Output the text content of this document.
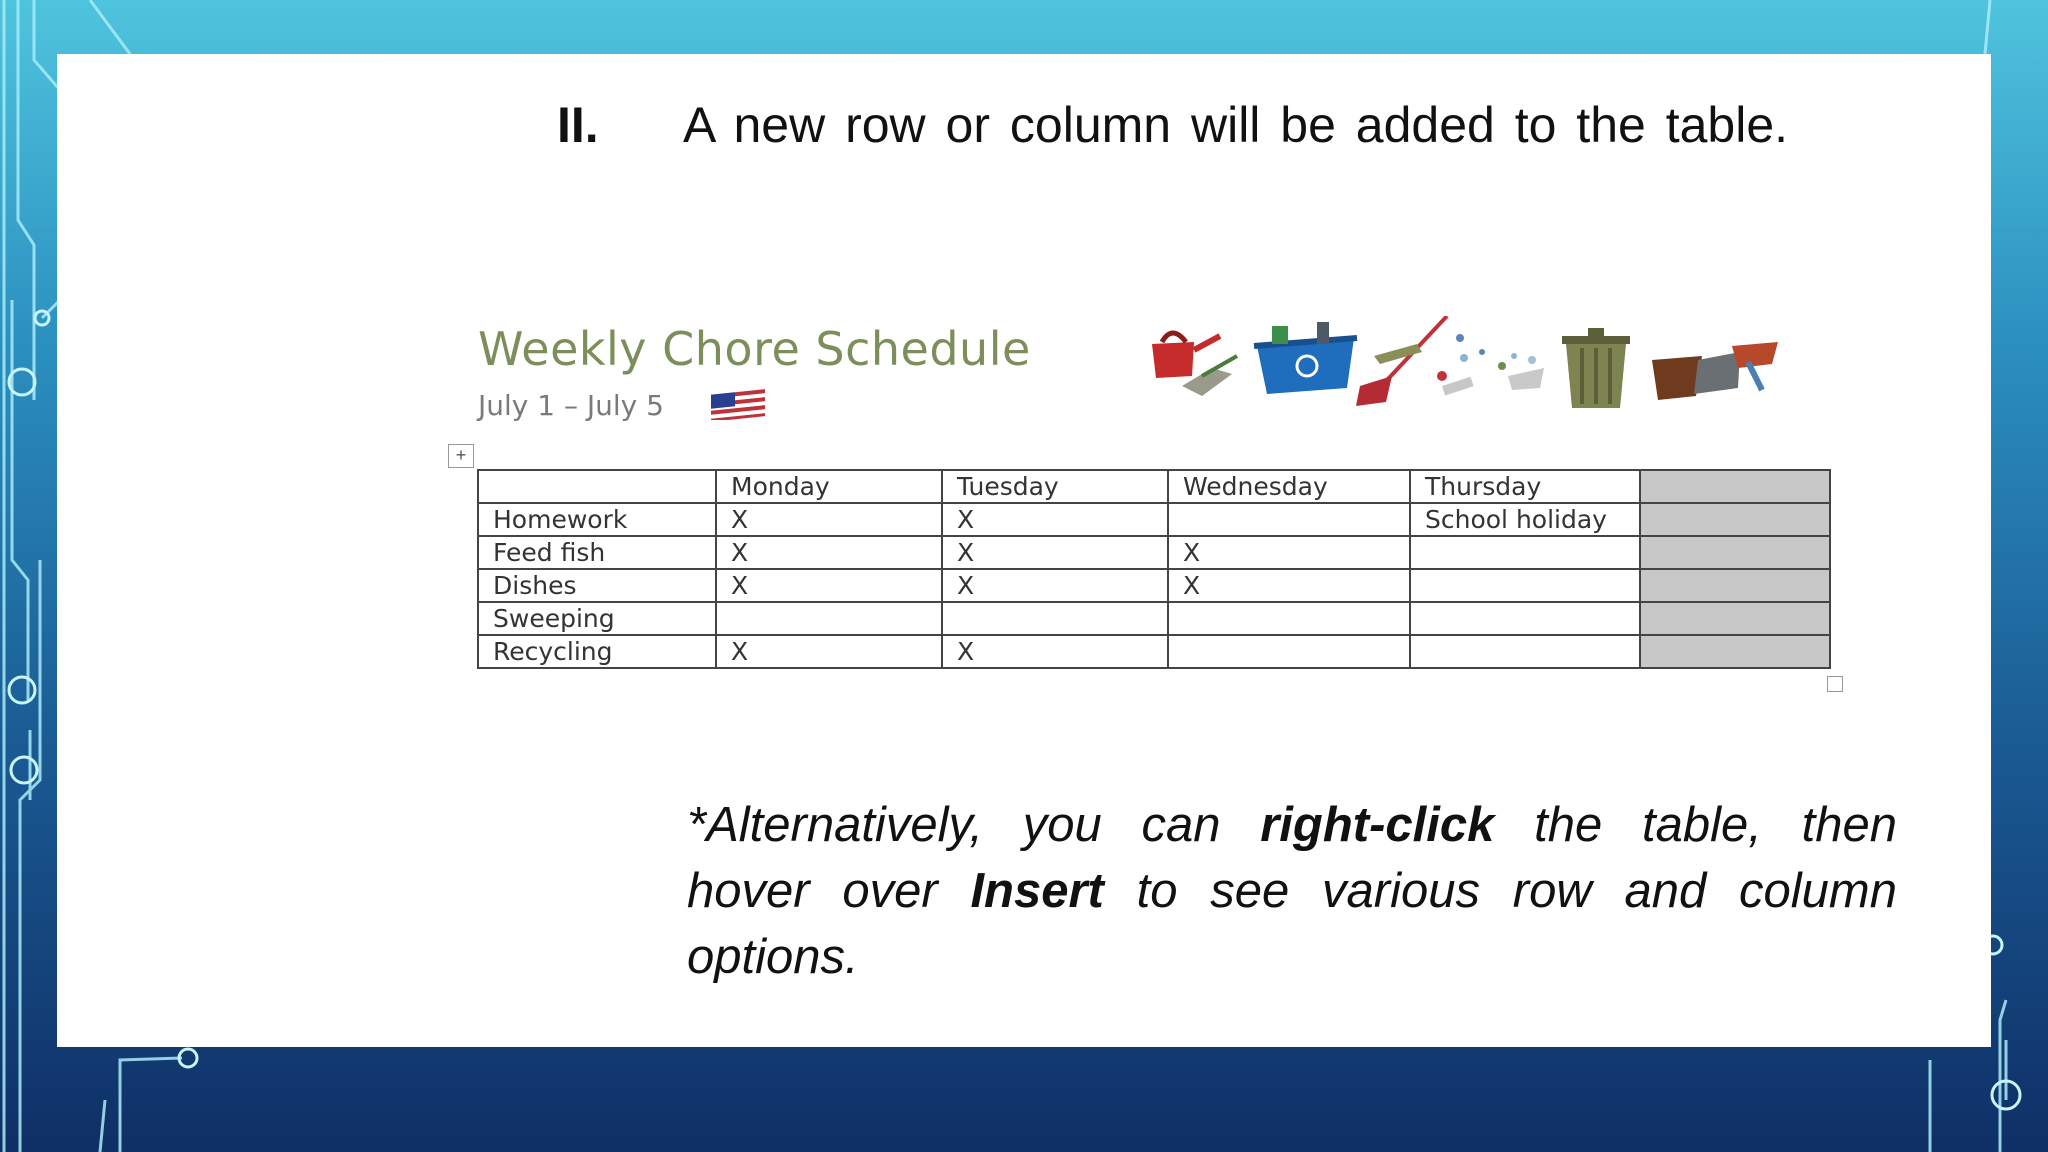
II. A new row or column will be added to the table.
Weekly Chore Schedule
July 1 – July 5
+
	Monday	Tuesday	Wednesday	Thursday	
Homework	X	X		School holiday	
Feed fish	X	X	X		
Dishes	X	X	X		
Sweeping					
Recycling	X	X			
*Alternatively, you can right-click the table, then hover over Insert to see various row and column options.
